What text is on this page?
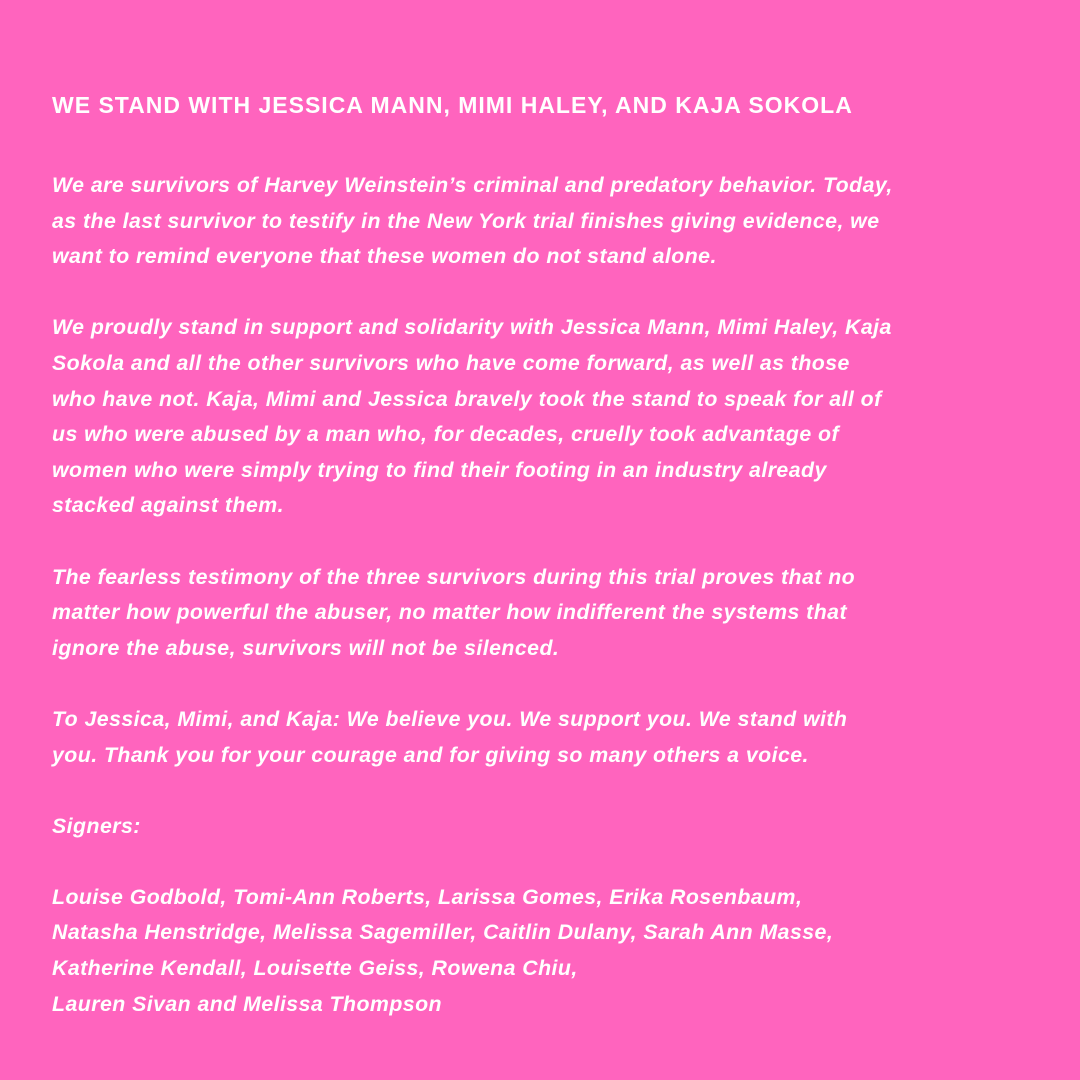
WE STAND WITH JESSICA MANN, MIMI HALEY, AND KAJA SOKOLA

We are survivors of Harvey Weinstein’s criminal and predatory behavior. Today,
as the last survivor to testify in the New York trial finishes giving evidence, we
want to remind everyone that these women do not stand alone.

We proudly stand in support and solidarity with Jessica Mann, Mimi Haley, Kaja
Sokola and all the other survivors who have come forward, as well as those
who have not. Kaja, Mimi and Jessica bravely took the stand to speak for all of
us who were abused by a man who, for decades, cruelly took advantage of
women who were simply trying to find their footing in an industry already
stacked against them.

The fearless testimony of the three survivors during this trial proves that no
matter how powerful the abuser, no matter how indifferent the systems that
ignore the abuse, survivors will not be silenced.

To Jessica, Mimi, and Kaja: We believe you. We support you. We stand with
you. Thank you for your courage and for giving so many others a voice.

Signers:

Louise Godbold, Tomi-Ann Roberts, Larissa Gomes, Erika Rosenbaum,
Natasha Henstridge, Melissa Sagemiller, Caitlin Dulany, Sarah Ann Masse,
Katherine Kendall, Louisette Geiss, Rowena Chiu,
Lauren Sivan and Melissa Thompson
